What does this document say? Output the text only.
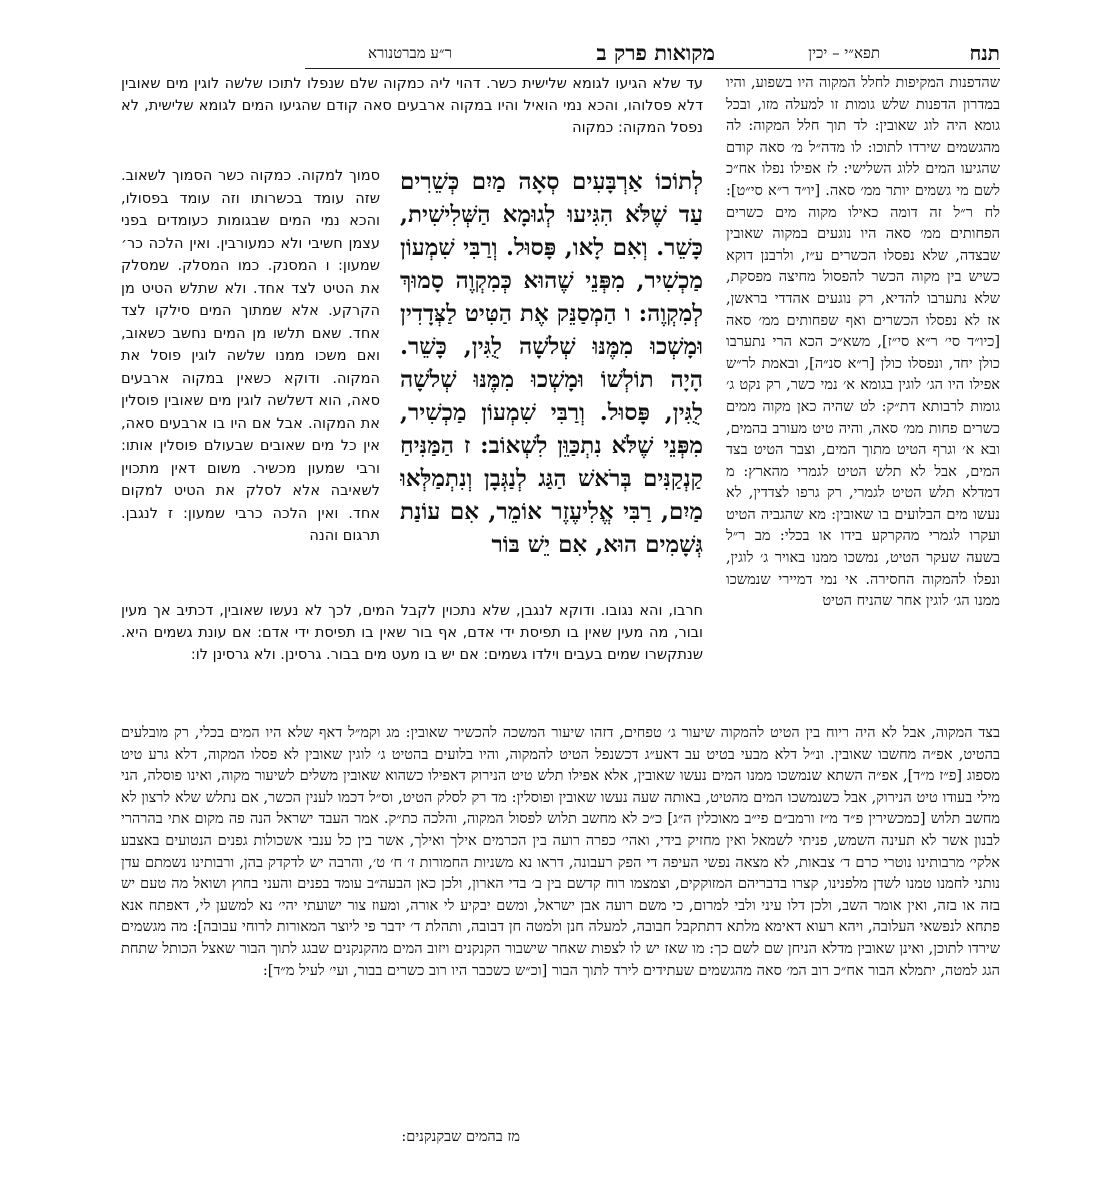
תנח
תפא״י – יכין
מקואות פרק ב
ר״ע מברטנורא
שהדפנות המקיפות לחלל המקוה היו בשפוע, והיו במדרון הדפנות שלש גומות זו למעלה מזו, ובכל גומא היה לוג שאובין: לד תוך חלל המקוה: לה מהגשמים שירדו לתוכו: לו מדה״ל מ׳ סאה קודם שהגיעו המים ללוג השלישי: לז אפילו נפלו אח״כ לשם מי גשמים יותר ממ׳ סאה. [יו״ד ר״א סי״ט]: לח ר״ל זה דומה כאילו מקוה מים כשרים הפחותים ממ׳ סאה היו נוגעים במקוה שאובין שבצדה, שלא נפסלו הכשרים ע״ז, ולרבנן דוקא כשיש בין מקוה הכשר להפסול מחיצה מפסקת, שלא נתערבו להדיא, רק נוגעים אהדדי בראשן, אז לא נפסלו הכשרים ואף שפחותים ממ׳ סאה [כיו״ד סי׳ ר״א סי״ז], משא״כ הכא הרי נתערבו כולן יחד, ונפסלו כולן [ר״א סנ״ה], ובאמת לר״ש אפילו היו הג׳ לוגין בגומא א׳ נמי כשר, רק נקט ג׳ גומות לרבותא דת״ק: לט שהיה כאן מקוה ממים כשרים פחות ממ׳ סאה, והיה טיט מעורב בהמים, ובא א׳ וגרף הטיט מתוך המים, וצבר הטיט בצד המים, אבל לא תלש הטיט לגמרי מהארץ: מ דמדלא תלש הטיט לגמרי, רק גרפו לצדדין, לא נעשו מים הבלועים בו שאובין: מא שהגביה הטיט ועקרו לגמרי מהקרקע בידו או בכלי: מב ר״ל בשעה שעקר הטיט, נמשכו ממנו באויר ג׳ לוגין, ונפלו להמקוה החסירה. אי נמי דמיירי שנמשכו ממנו הג׳ לוגין אחר שהניח הטיט
עד שלא הגיעו לגומא שלישית כשר. דהוי ליה כמקוה שלם שנפלו לתוכו שלשה לוגין מים שאובין דלא פסלוהו, והכא נמי הואיל והיו במקוה ארבעים סאה קודם שהגיעו המים לגומא שלישית, לא נפסל המקוה: כמקוה
לְתוֹכוֹ אַרְבָּעִים סְאָה מַיִם כְּשֵׁרִים עַד שֶׁלֹּא הִגִּיעוּ לְגוּמָא הַשְּׁלִישִׁית, כָּשֵׁר. וְאִם לָאו, פָּסוּל. וְרַבִּי שִׁמְעוֹן מַכְשִׁיר, מִפְּנֵי שֶׁהוּא כְּמִקְוֶה סָמוּךְ לְמִקְוֶה: ו הַמְסַנֵּק אֶת הַטִּיט לַצְּדָדִין וּמָשְׁכוּ מִמֶּנּוּ שְׁלשָׁה לֻגִּין, כָּשֵׁר. הָיָה תוֹלְשׁוֹ וּמָשְׁכוּ מִמֶּנּוּ שְׁלשָׁה לֻגִּין, פָּסוּל. וְרַבִּי שִׁמְעוֹן מַכְשִׁיר, מִפְּנֵי שֶׁלֹּא נִתְכַּוֵּן לִשְׁאוֹב: ז הַמַּנִּיחַ קַנְקַנִּים בְּרֹאשׁ הַגַּג לְנַגְּבָן וְנִתְמַלְּאוּ מַיִם, רַבִּי אֱלִיעֶזֶר אוֹמֵר, אִם עוֹנַת גְּשָׁמִים הוּא, אִם יֵשׁ בּוֹר
סמוך למקוה. כמקוה כשר הסמוך לשאוב. שזה עומד בכשרותו וזה עומד בפסולו, והכא נמי המים שבגומות כעומדים בפני עצמן חשיבי ולא כמעורבין. ואין הלכה כר׳ שמעון: ו המסנק. כמו המסלק. שמסלק את הטיט לצד אחד. ולא שתלש הטיט מן הקרקע. אלא שמתוך המים סילקו לצד אחד. שאם תלשו מן המים נחשב כשאוב, ואם משכו ממנו שלשה לוגין פוסל את המקוה. ודוקא כשאין במקוה ארבעים סאה, הוא דשלשה לוגין מים שאובין פוסלין את המקוה. אבל אם היו בו ארבעים סאה, אין כל מים שאובים שבעולם פוסלין אותו: ורבי שמעון מכשיר. משום דאין מתכוין לשאיבה אלא לסלק את הטיט למקום אחד. ואין הלכה כרבי שמעון: ז לנגבן. תרגום והנה
חרבו, והא נגובו. ודוקא לנגבן, שלא נתכוין לקבל המים, לכך לא נעשו שאובין, דכתיב אך מעין ובור, מה מעין שאין בו תפיסת ידי אדם, אף בור שאין בו תפיסת ידי אדם: אם עונת גשמים היא. שנתקשרו שמים בעבים וילדו גשמים: אם יש בו מעט מים בבור. גרסינן. ולא גרסינן לו:
בצד המקוה, אבל לא היה ריוח בין הטיט להמקוה שיעור ג׳ טפחים, דזהו שיעור המשכה להכשיר שאובין: מג וקמ״ל דאף שלא היו המים בכלי, רק מובלעים בהטיט, אפ״ה מחשבו שאובין. ונ״ל דלא מבעי בטיט עב דאע״ג דכשנפל הטיט להמקוה, והיו בלועים בהטיט ג׳ לוגין שאובין לא פסלו המקוה, דלא גרע טיט מספוג [פ״ז מ״ד], אפ״ה השתא שנמשכו ממנו המים נעשו שאובין, אלא אפילו תלש טיט הנירוק דאפילו כשהוא שאובין משלים לשיעור מקוה, ואינו פוסלה, הני מילי בעודו טיט הנירוק, אבל כשנמשכו המים מהטיט, באותה שעה נעשו שאובין ופוסלין: מד רק לסלק הטיט, וס״ל דכמו לענין הכשר, אם נתלש שלא לרצון לא מחשב תלוש [כמכשירין פ״ד מ״ז ורמב״ם פי״ב מאוכלין ה״ג] כ״כ לא מחשב תלוש לפסול המקוה, והלכה כת״ק. אמר העבד ישראל הנה פה מקום אתי בהרהרי לבנון אשר לא תעינה השמש, פניתי לשמאל ואין מחזיק בידי, ואהי׳ כפרה רועה בין הכרמים אילך ואילך, אשר בין כל ענבי אשכולות גפנים הנטועים באצבע אלקי׳ מרבותינו נוטרי כרם ד׳ צבאות, לא מצאה נפשי העיפה די הפק רעבונה, דראו נא משניות החמורות ז׳ ח׳ ט׳, והרבה יש לדקדק בהן, ורבותינו נשמתם עדן נותני לחמנו טמנו לשדן מלפנינו, קצרו בדבריהם המזוקקים, וצמצמו רוח קדשם בין ב׳ בדי הארון, ולכן כאן הבעה״ב עומד בפנים והעני בחוץ ושואל מה טעם יש בזה או בזה, ואין אומר השב, ולכן דלו עיני ולבי למרום, כי משם רועה אבן ישראל, ומשם יבקיע לי אורה, ומעוז צור ישועתי יהי׳ נא למשען לי, דאפתח אנא פתחא לנפשאי העלובה, ויהא רעוא דאימא מלתא דתתקבל חבובה, למעלה חנן ולמטה חן דבובה, ותהלת ד׳ ידבר פי ליוצר המאורות לרוחי עבובה]: מה מגשמים שירדו לתוכן, ואינן שאובין מדלא הניחן שם לשם כך: מו שאז יש לו לצפות שאחר שישבור הקנקנים ויזוב המים מהקנקנים שבגג לתוך הבור שאצל הכותל שתחת הגג למטה, יתמלא הבור אח״כ רוב המ׳ סאה מהגשמים שעתידים לירד לתוך הבור [וכ״ש כשכבר היו רוב כשרים בבור, ועי׳ לעיל מ״ד]:
מז בהמים שבקנקנים:
